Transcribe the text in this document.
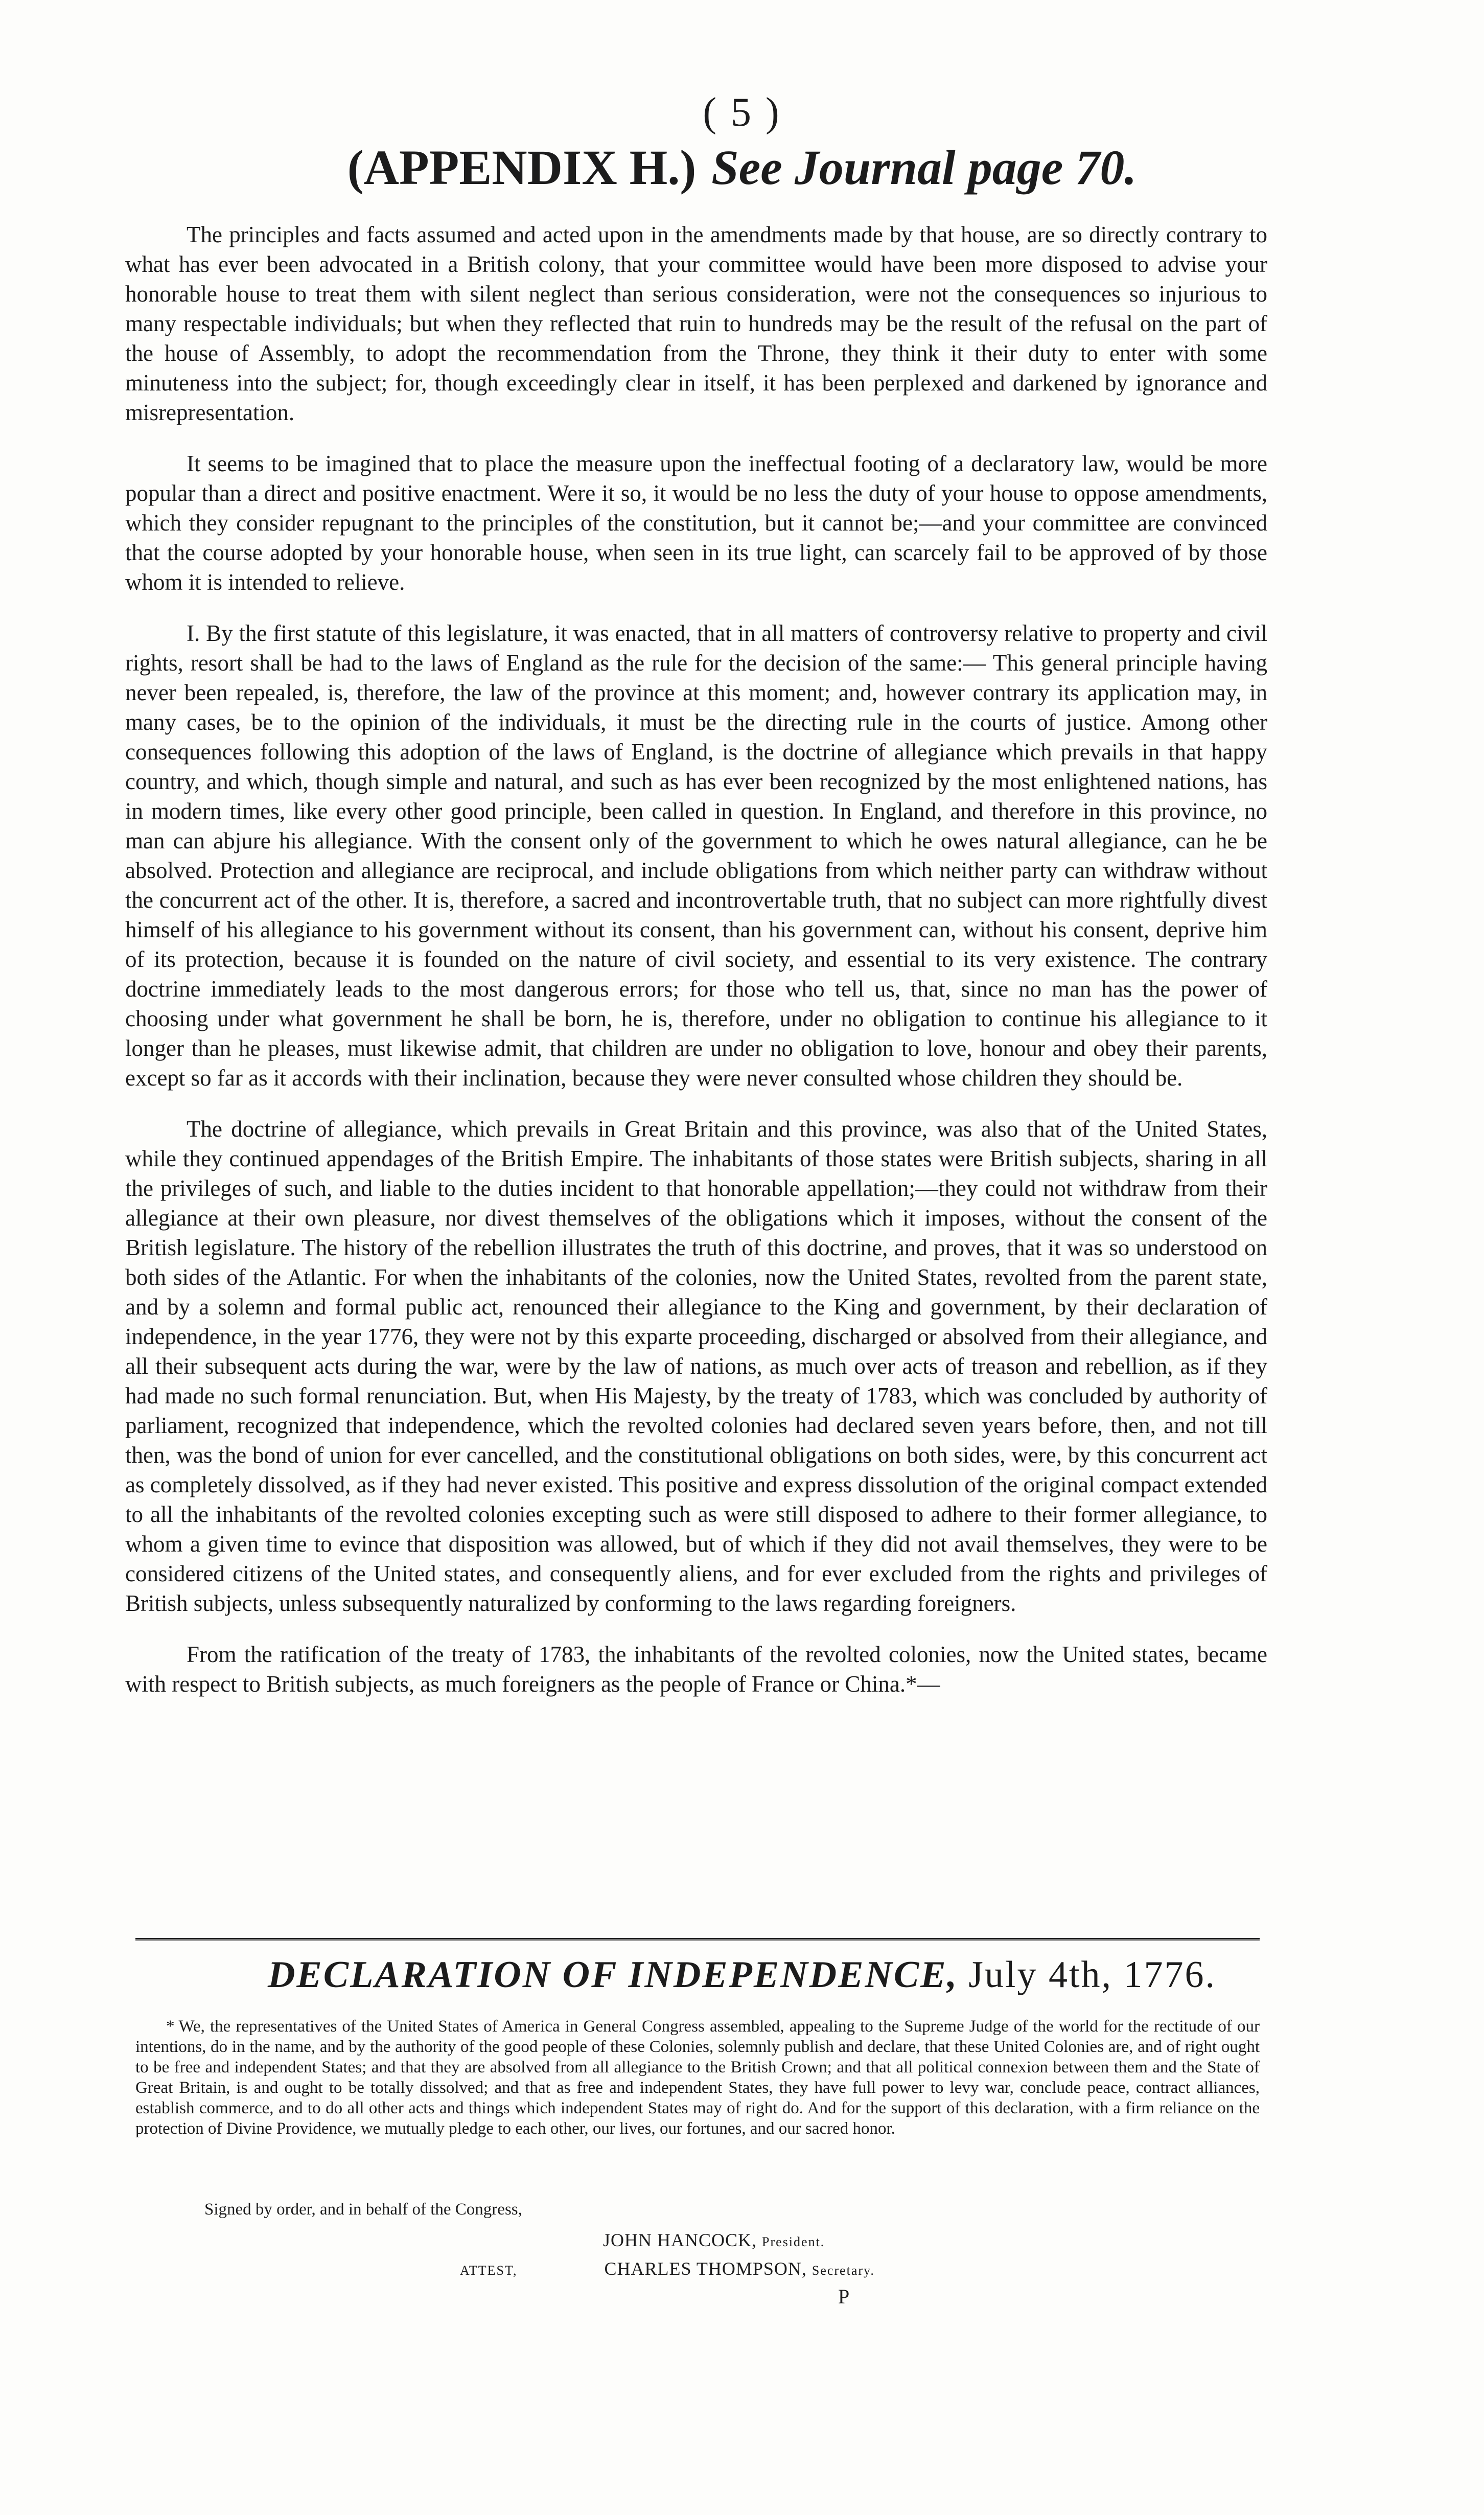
( 5 )
(APPENDIX H.) See Journal page 70.

The principles and facts assumed and acted upon in the amendments made by that house, are so directly contrary to what has ever been advocated in a British colony, that your committee would have been more disposed to advise your honorable house to treat them with silent neglect than serious consideration, were not the consequences so injurious to many respectable individuals; but when they reflected that ruin to hundreds may be the result of the refusal on the part of the house of Assembly, to adopt the recommendation from the Throne, they think it their duty to enter with some minuteness into the subject; for, though exceedingly clear in itself, it has been perplexed and darkened by ignorance and misrepresentation.

It seems to be imagined that to place the measure upon the ineffectual footing of a declaratory law, would be more popular than a direct and positive enactment. Were it so, it would be no less the duty of your house to oppose amendments, which they consider repugnant to the principles of the constitution, but it cannot be;—and your committee are convinced that the course adopted by your honorable house, when seen in its true light, can scarcely fail to be approved of by those whom it is intended to relieve.

I. By the first statute of this legislature, it was enacted, that in all matters of controversy relative to property and civil rights, resort shall be had to the laws of England as the rule for the decision of the same:— This general principle having never been repealed, is, therefore, the law of the province at this moment; and, however contrary its application may, in many cases, be to the opinion of the individuals, it must be the directing rule in the courts of justice. Among other consequences following this adoption of the laws of England, is the doctrine of allegiance which prevails in that happy country, and which, though simple and natural, and such as has ever been recognized by the most enlightened nations, has in modern times, like every other good principle, been called in question. In England, and therefore in this province, no man can abjure his allegiance. With the consent only of the government to which he owes natural allegiance, can he be absolved. Protection and allegiance are reciprocal, and include obligations from which neither party can withdraw without the concurrent act of the other. It is, therefore, a sacred and incontrovertable truth, that no subject can more rightfully divest himself of his allegiance to his government without its consent, than his government can, without his consent, deprive him of its protection, because it is founded on the nature of civil society, and essential to its very existence. The contrary doctrine immediately leads to the most dangerous errors; for those who tell us, that, since no man has the power of choosing under what government he shall be born, he is, therefore, under no obligation to continue his allegiance to it longer than he pleases, must likewise admit, that children are under no obligation to love, honour and obey their parents, except so far as it accords with their inclination, because they were never consulted whose children they should be.

The doctrine of allegiance, which prevails in Great Britain and this province, was also that of the United States, while they continued appendages of the British Empire. The inhabitants of those states were British subjects, sharing in all the privileges of such, and liable to the duties incident to that honorable appellation;—they could not withdraw from their allegiance at their own pleasure, nor divest themselves of the obligations which it imposes, without the consent of the British legislature. The history of the rebellion illustrates the truth of this doctrine, and proves, that it was so understood on both sides of the Atlantic. For when the inhabitants of the colonies, now the United States, revolted from the parent state, and by a solemn and formal public act, renounced their allegiance to the King and government, by their declaration of independence, in the year 1776, they were not by this exparte proceeding, discharged or absolved from their allegiance, and all their subsequent acts during the war, were by the law of nations, as much over acts of treason and rebellion, as if they had made no such formal renunciation. But, when His Majesty, by the treaty of 1783, which was concluded by authority of parliament, recognized that independence, which the revolted colonies had declared seven years before, then, and not till then, was the bond of union for ever cancelled, and the constitutional obligations on both sides, were, by this concurrent act as completely dissolved, as if they had never existed. This positive and express dissolution of the original compact extended to all the inhabitants of the revolted colonies excepting such as were still disposed to adhere to their former allegiance, to whom a given time to evince that disposition was allowed, but of which if they did not avail themselves, they were to be considered citizens of the United states, and consequently aliens, and for ever excluded from the rights and privileges of British subjects, unless subsequently naturalized by conforming to the laws regarding foreigners.

From the ratification of the treaty of 1783, the inhabitants of the revolted colonies, now the United states, became with respect to British subjects, as much foreigners as the people of France or China.*—

DECLARATION OF INDEPENDENCE, July 4th, 1776.

* We, the representatives of the United States of America in General Congress assembled, appealing to the Supreme Judge of the world for the rectitude of our intentions, do in the name, and by the authority of the good people of these Colonies, solemnly publish and declare, that these United Colonies are, and of right ought to be free and independent States; and that they are absolved from all allegiance to the British Crown; and that all political connexion between them and the State of Great Britain, is and ought to be totally dissolved; and that as free and independent States, they have full power to levy war, conclude peace, contract alliances, establish commerce, and to do all other acts and things which independent States may of right do. And for the support of this declaration, with a firm reliance on the protection of Divine Providence, we mutually pledge to each other, our lives, our fortunes, and our sacred honor.

Signed by order, and in behalf of the Congress,
JOHN HANCOCK, President.
ATTEST,	CHARLES THOMPSON, Secretary.
P
